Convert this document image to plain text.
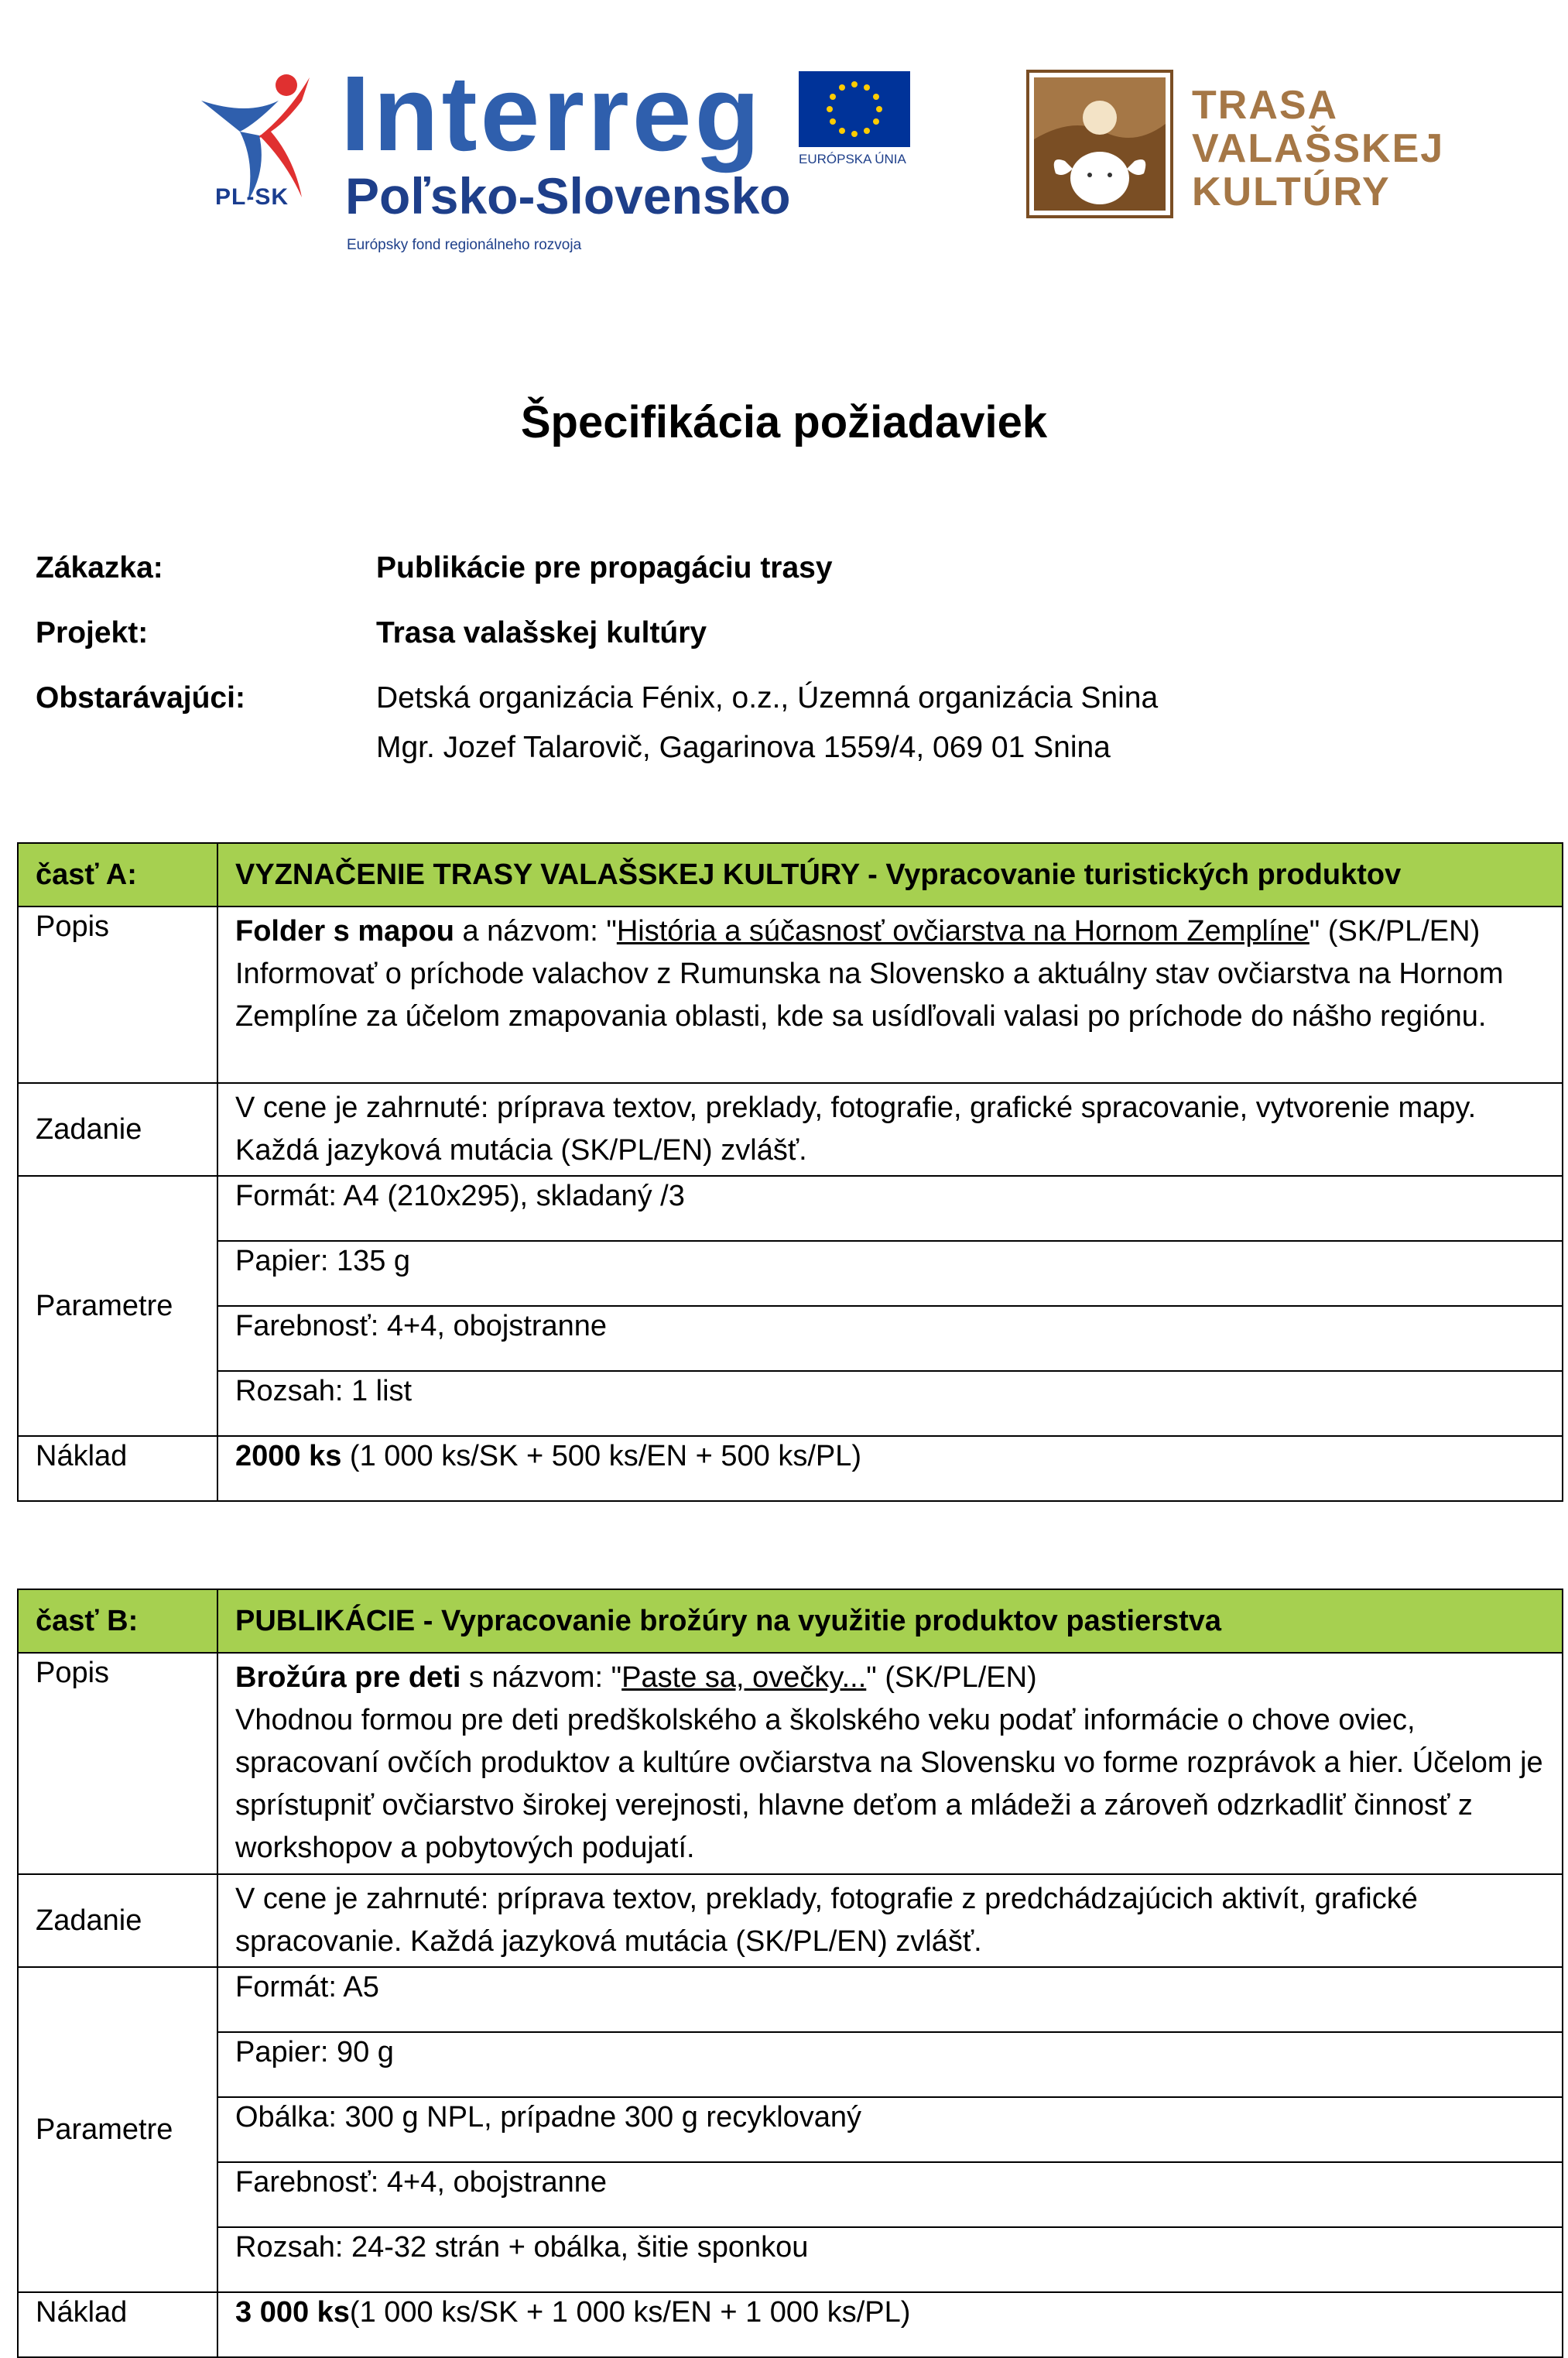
PL-SK
Interreg
Poľsko-Slovensko
Európsky fond regionálneho rozvoja
EURÓPSKA ÚNIA
TRASA
VALAŠSKEJ
KULTÚRY
Špecifikácia požiadaviek
Zákazka:	Publikácie pre propagáciu trasy
Projekt:	Trasa valašskej kultúry
Obstarávajúci:	Detská organizácia Fénix, o.z., Územná organizácia Snina
Mgr. Jozef Talarovič, Gagarinova 1559/4, 069 01 Snina
časť A:	VYZNAČENIE TRASY VALAŠSKEJ KULTÚRY - Vypracovanie turistických produktov
Popis	Folder s mapou a názvom: "História a súčasnosť ovčiarstva na Hornom Zemplíne" (SK/PL/EN) Informovať o príchode valachov z Rumunska na Slovensko a aktuálny stav ovčiarstva na Hornom Zemplíne za účelom zmapovania oblasti, kde sa usídľovali valasi po príchode do nášho regiónu.
Zadanie	V cene je zahrnuté: príprava textov, preklady, fotografie, grafické spracovanie, vytvorenie mapy. Každá jazyková mutácia (SK/PL/EN) zvlášť.
Parametre	Formát: A4 (210x295), skladaný /3
	Papier: 135 g
	Farebnosť: 4+4, obojstranne
	Rozsah: 1 list
Náklad	2000 ks (1 000 ks/SK + 500 ks/EN + 500 ks/PL)
časť B:	PUBLIKÁCIE - Vypracovanie brožúry na využitie produktov pastierstva
Popis	Brožúra pre deti s názvom: "Paste sa, ovečky..." (SK/PL/EN)
Vhodnou formou pre deti predškolského a školského veku podať informácie o chove oviec, spracovaní ovčích produktov a kultúre ovčiarstva na Slovensku vo forme rozprávok a hier. Účelom je sprístupniť ovčiarstvo širokej verejnosti, hlavne deťom a mládeži a zároveň odzrkadliť činnosť z workshopov a pobytových podujatí.
Zadanie	V cene je zahrnuté: príprava textov, preklady, fotografie z predchádzajúcich aktivít, grafické spracovanie. Každá jazyková mutácia (SK/PL/EN) zvlášť.
Parametre	Formát: A5
	Papier: 90 g
	Obálka: 300 g NPL, prípadne 300 g recyklovaný
	Farebnosť: 4+4, obojstranne
	Rozsah: 24-32 strán + obálka, šitie sponkou
Náklad	3 000 ks(1 000 ks/SK + 1 000 ks/EN + 1 000 ks/PL)
